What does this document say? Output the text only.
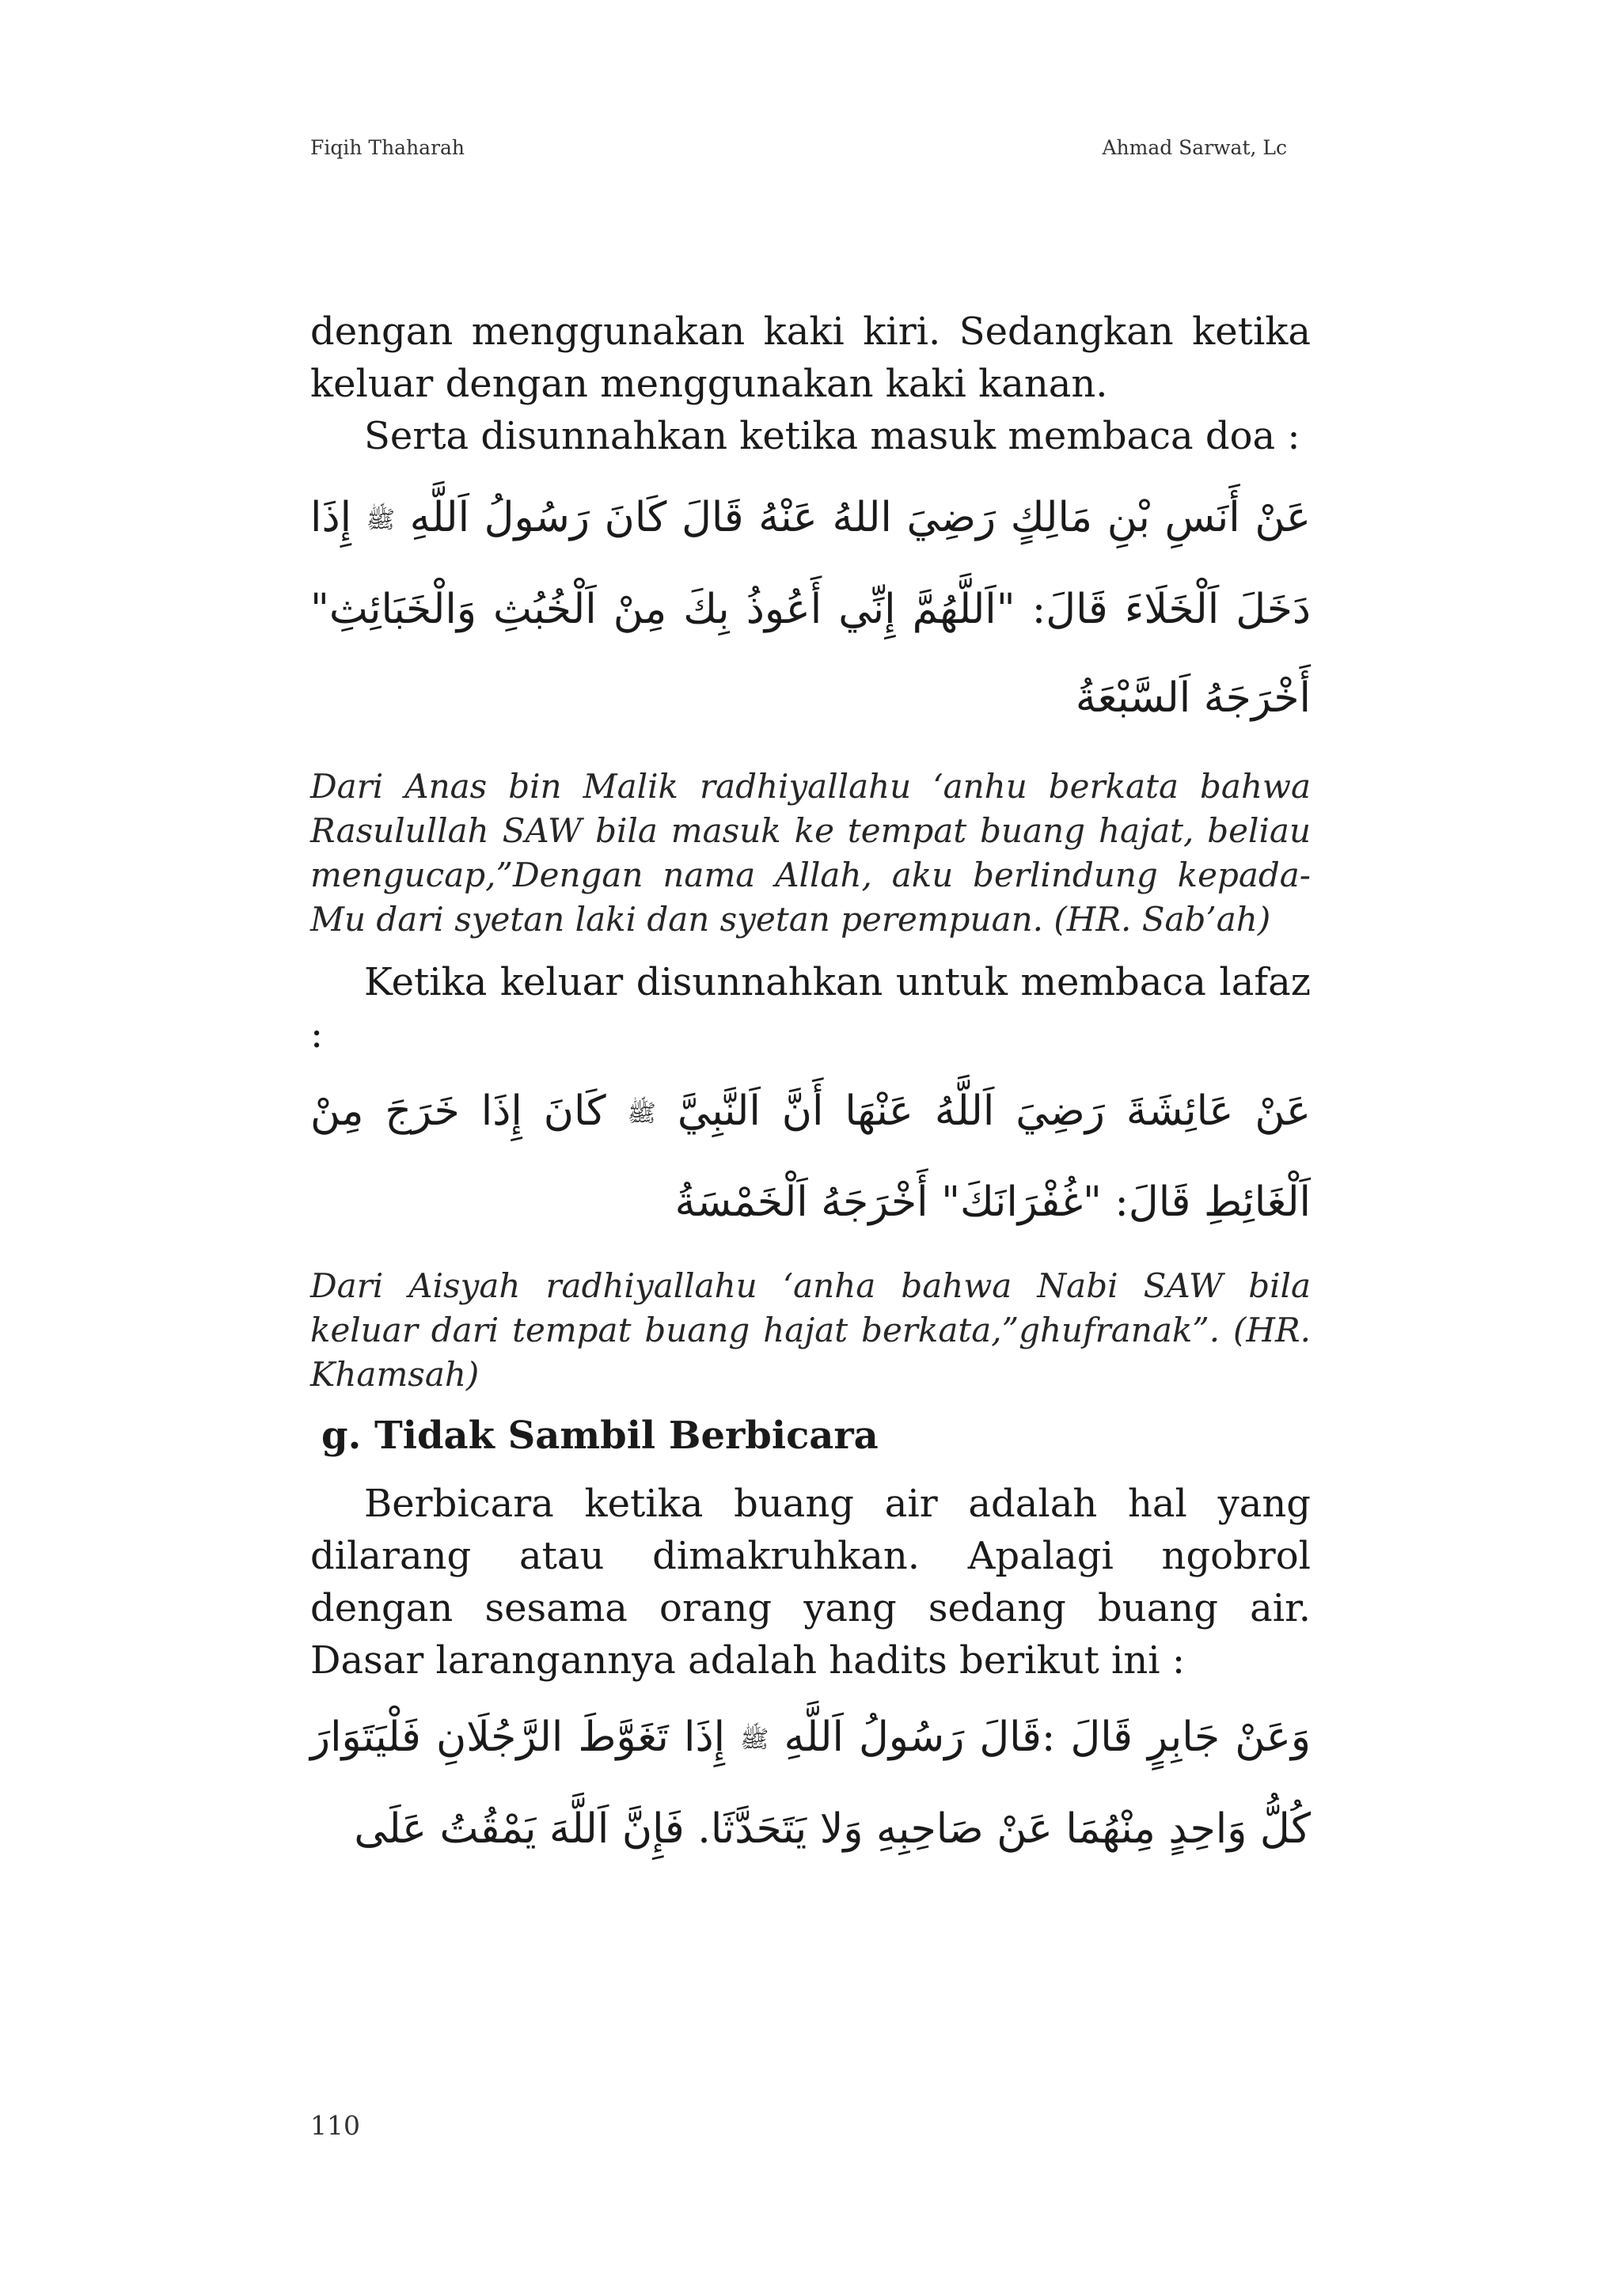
Fiqih Thaharah	Ahmad Sarwat, Lc

dengan menggunakan kaki kiri. Sedangkan ketika keluar dengan menggunakan kaki kanan.

Serta disunnahkan ketika masuk membaca doa :

عَنْ أَنَسِ بْنِ مَالِكٍ رَضِيَ اللهُ عَنْهُ قَالَ كَانَ رَسُولُ اَللَّهِ ﷺ إِذَا دَخَلَ اَلْخَلَاءَ قَالَ: "اَللَّهُمَّ إِنِّي أَعُوذُ بِكَ مِنْ اَلْخُبُثِ وَالْخَبَائِثِ" أَخْرَجَهُ اَلسَّبْعَةُ

Dari Anas bin Malik radhiyallahu ‘anhu berkata bahwa Rasulullah SAW bila masuk ke tempat buang hajat, beliau mengucap,”Dengan nama Allah, aku berlindung kepada-Mu dari syetan laki dan syetan perempuan. (HR. Sab’ah)

Ketika keluar disunnahkan untuk membaca lafaz :

عَنْ عَائِشَةَ رَضِيَ اَللَّهُ عَنْهَا أَنَّ اَلنَّبِيَّ ﷺ كَانَ إِذَا خَرَجَ مِنْ اَلْغَائِطِ قَالَ: "غُفْرَانَكَ" أَخْرَجَهُ اَلْخَمْسَةُ

Dari Aisyah radhiyallahu ‘anha bahwa Nabi SAW bila keluar dari tempat buang hajat berkata,”ghufranak”. (HR. Khamsah)

g. Tidak Sambil Berbicara

Berbicara ketika buang air adalah hal yang dilarang atau dimakruhkan. Apalagi ngobrol dengan sesama orang yang sedang buang air. Dasar larangannya adalah hadits berikut ini :

وَعَنْ جَابِرٍ قَالَ :قَالَ رَسُولُ اَللَّهِ ﷺ إِذَا تَغَوَّطَ الرَّجُلَانِ فَلْيَتَوَارَ كُلُّ وَاحِدٍ مِنْهُمَا عَنْ صَاحِبِهِ وَلا يَتَحَدَّثَا. فَإِنَّ اَللَّهَ يَمْقُتُ عَلَى

110
